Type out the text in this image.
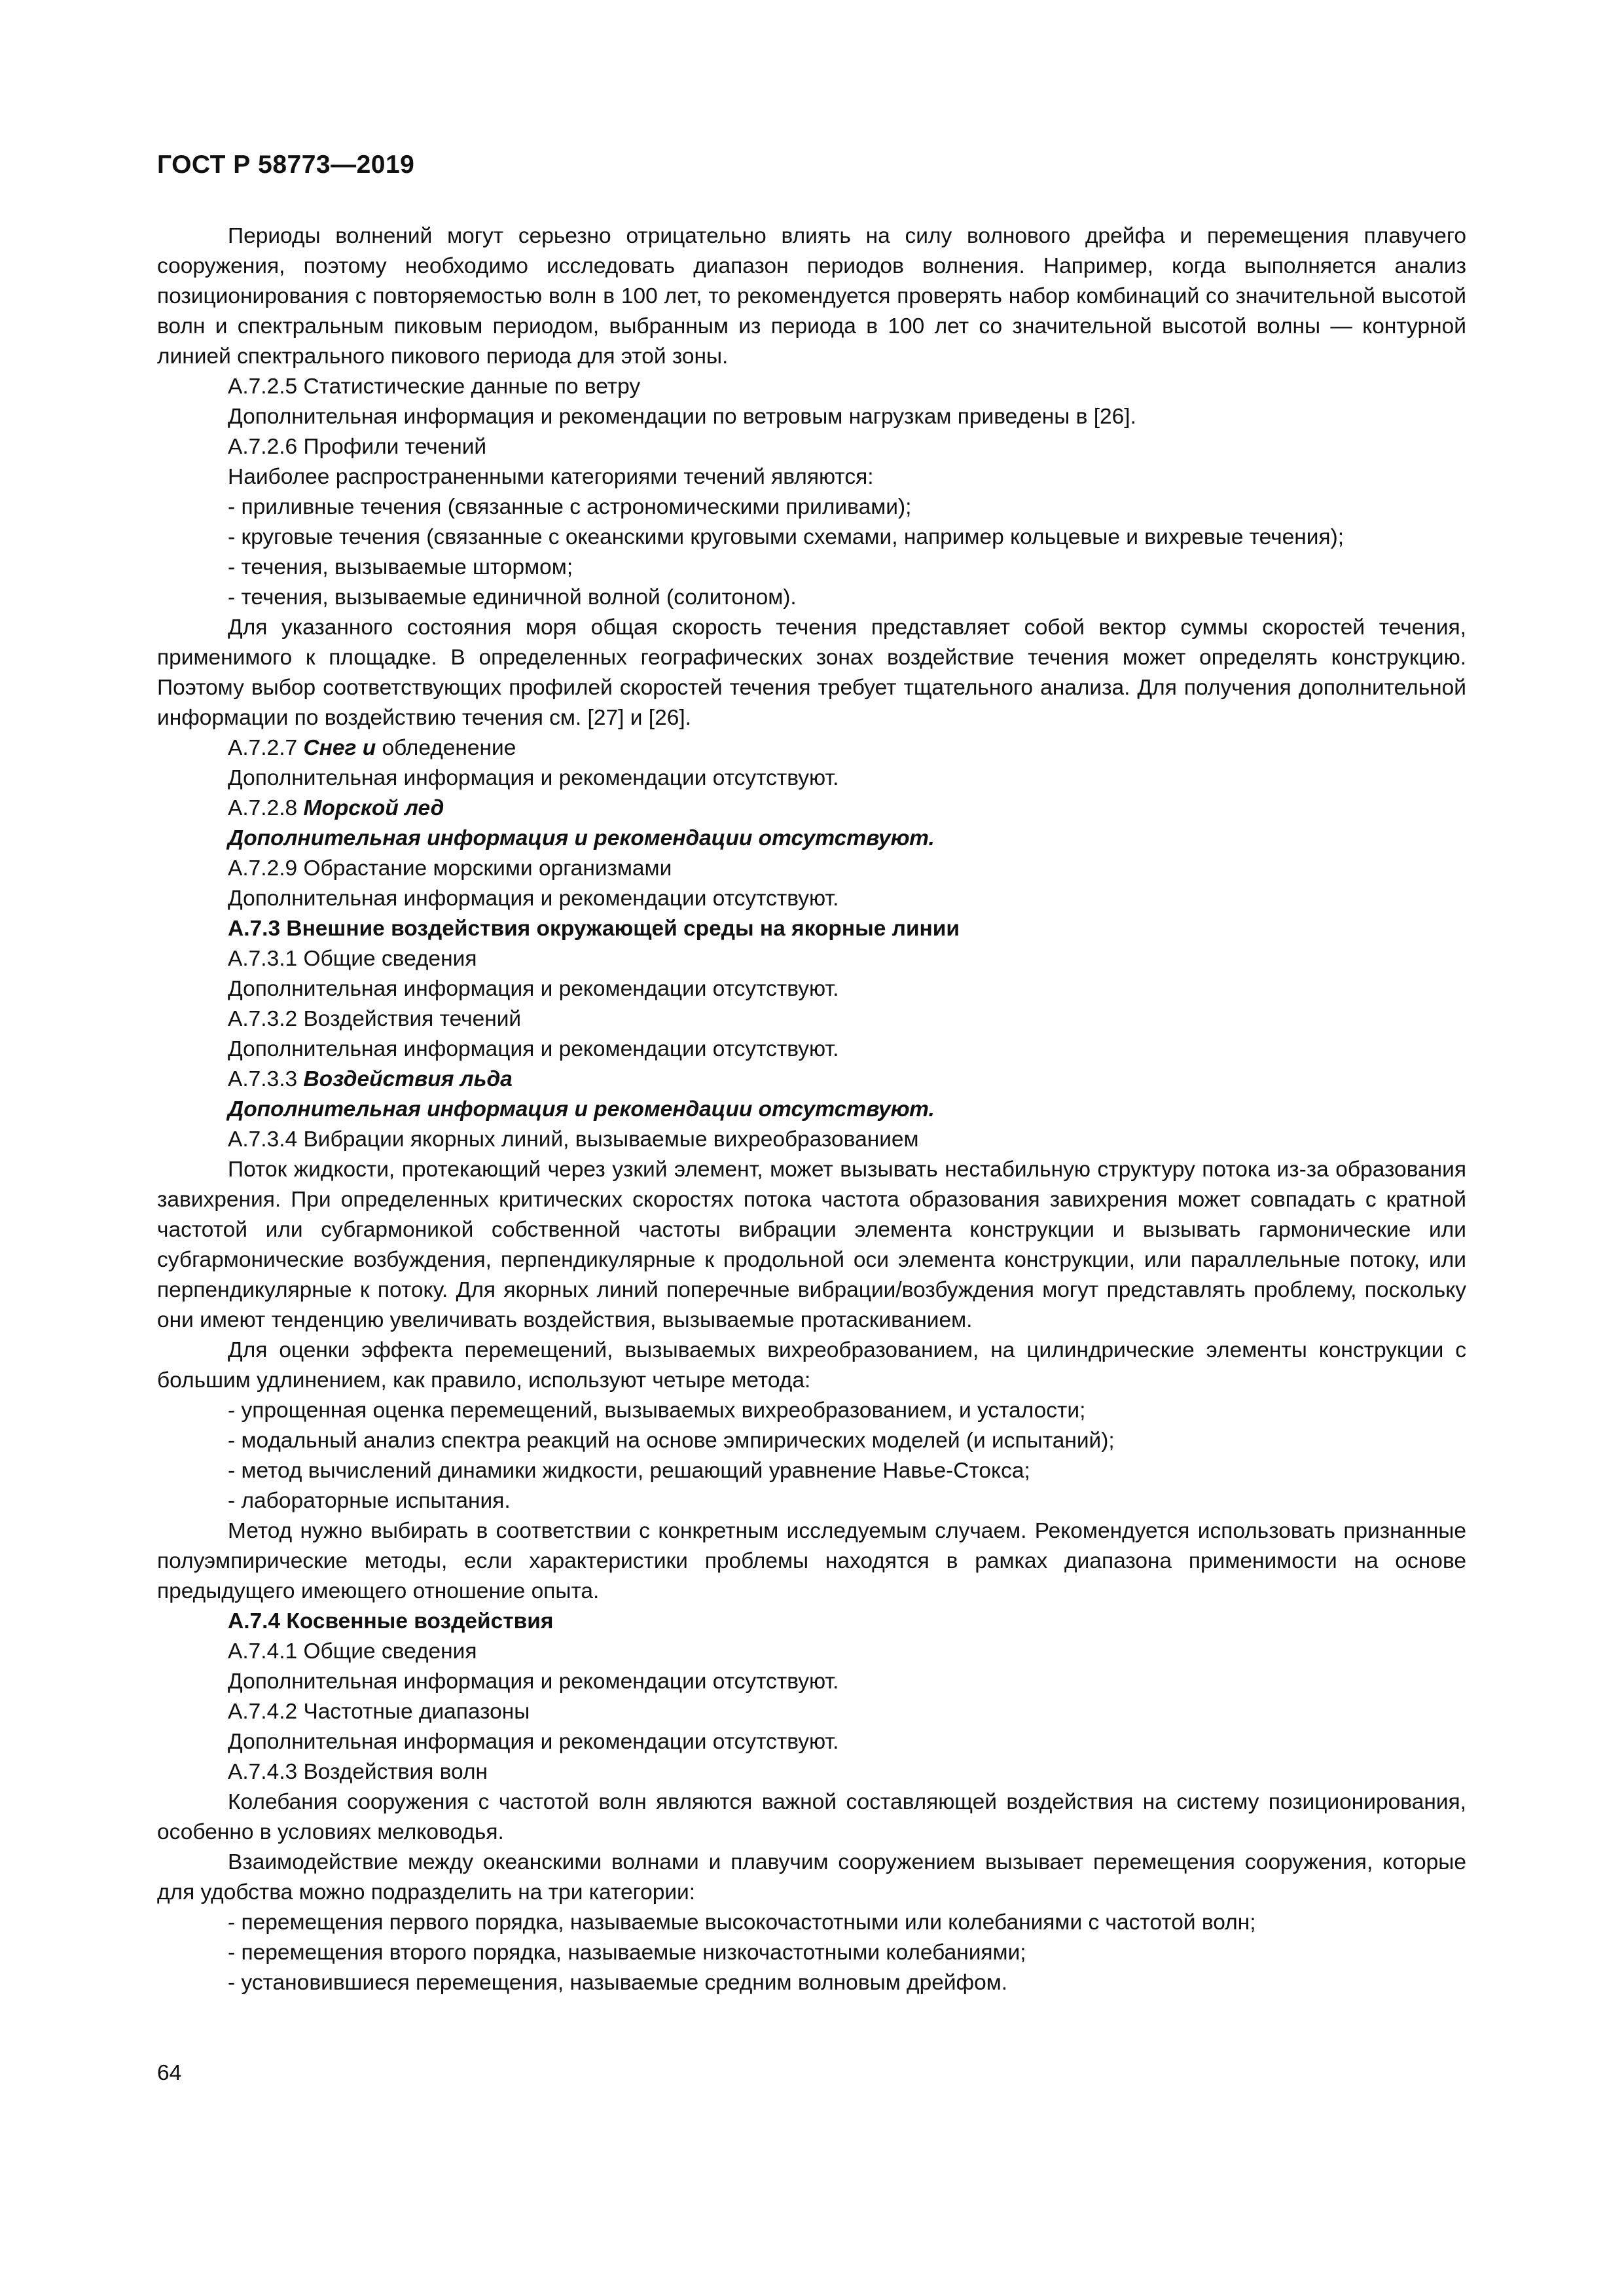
ГОСТ Р 58773—2019

Периоды волнений могут серьезно отрицательно влиять на силу волнового дрейфа и перемещения плавучего сооружения, поэтому необходимо исследовать диапазон периодов волнения. Например, когда выполняется анализ позиционирования с повторяемостью волн в 100 лет, то рекомендуется проверять набор комбинаций со значительной высотой волн и спектральным пиковым периодом, выбранным из периода в 100 лет со значительной высотой волны — контурной линией спектрального пикового периода для этой зоны.

А.7.2.5 Статистические данные по ветру

Дополнительная информация и рекомендации по ветровым нагрузкам приведены в [26].

А.7.2.6 Профили течений

Наиболее распространенными категориями течений являются:

- приливные течения (связанные с астрономическими приливами);

- круговые течения (связанные с океанскими круговыми схемами, например кольцевые и вихревые течения);

- течения, вызываемые штормом;

- течения, вызываемые единичной волной (солитоном).

Для указанного состояния моря общая скорость течения представляет собой вектор суммы скоростей течения, применимого к площадке. В определенных географических зонах воздействие течения может определять конструкцию. Поэтому выбор соответствующих профилей скоростей течения требует тщательного анализа. Для получения дополнительной информации по воздействию течения см. [27] и [26].

А.7.2.7 Снег и обледенение

Дополнительная информация и рекомендации отсутствуют.

А.7.2.8 Морской лед

Дополнительная информация и рекомендации отсутствуют.

А.7.2.9 Обрастание морскими организмами

Дополнительная информация и рекомендации отсутствуют.

А.7.3 Внешние воздействия окружающей среды на якорные линии

А.7.3.1 Общие сведения

Дополнительная информация и рекомендации отсутствуют.

А.7.3.2 Воздействия течений

Дополнительная информация и рекомендации отсутствуют.

А.7.3.3 Воздействия льда

Дополнительная информация и рекомендации отсутствуют.

А.7.3.4 Вибрации якорных линий, вызываемые вихреобразованием

Поток жидкости, протекающий через узкий элемент, может вызывать нестабильную структуру потока из-за образования завихрения. При определенных критических скоростях потока частота образования завихрения может совпадать с кратной частотой или субгармоникой собственной частоты вибрации элемента конструкции и вызывать гармонические или субгармонические возбуждения, перпендикулярные к продольной оси элемента конструкции, или параллельные потоку, или перпендикулярные к потоку. Для якорных линий поперечные вибрации/возбуждения могут представлять проблему, поскольку они имеют тенденцию увеличивать воздействия, вызываемые протаскиванием.

Для оценки эффекта перемещений, вызываемых вихреобразованием, на цилиндрические элементы конструкции с большим удлинением, как правило, используют четыре метода:

- упрощенная оценка перемещений, вызываемых вихреобразованием, и усталости;

- модальный анализ спектра реакций на основе эмпирических моделей (и испытаний);

- метод вычислений динамики жидкости, решающий уравнение Навье-Стокса;

- лабораторные испытания.

Метод нужно выбирать в соответствии с конкретным исследуемым случаем. Рекомендуется использовать признанные полуэмпирические методы, если характеристики проблемы находятся в рамках диапазона применимости на основе предыдущего имеющего отношение опыта.

А.7.4 Косвенные воздействия

А.7.4.1 Общие сведения

Дополнительная информация и рекомендации отсутствуют.

А.7.4.2 Частотные диапазоны

Дополнительная информация и рекомендации отсутствуют.

А.7.4.3 Воздействия волн

Колебания сооружения с частотой волн являются важной составляющей воздействия на систему позиционирования, особенно в условиях мелководья.

Взаимодействие между океанскими волнами и плавучим сооружением вызывает перемещения сооружения, которые для удобства можно подразделить на три категории:

- перемещения первого порядка, называемые высокочастотными или колебаниями с частотой волн;

- перемещения второго порядка, называемые низкочастотными колебаниями;

- установившиеся перемещения, называемые средним волновым дрейфом.

64
